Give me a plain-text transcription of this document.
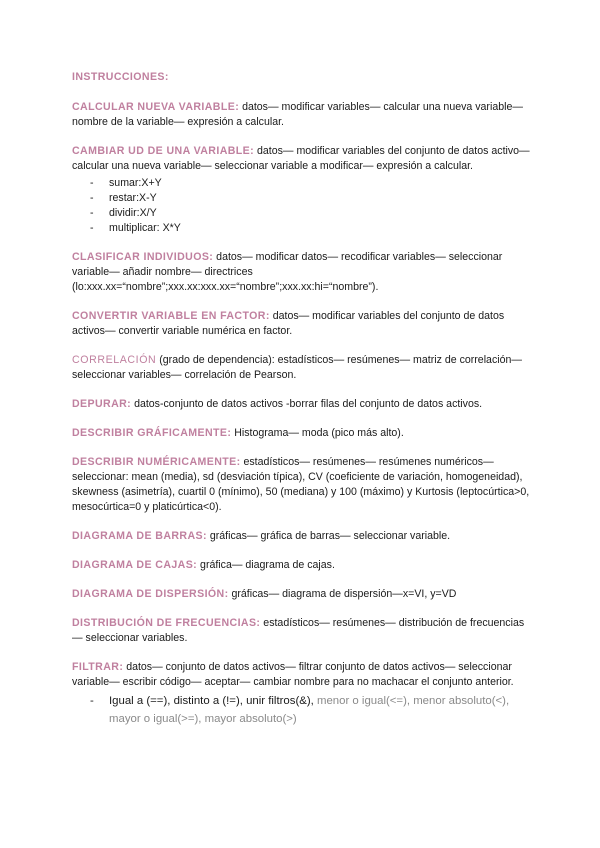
INSTRUCCIONES:

CALCULAR NUEVA VARIABLE: datos— modificar variables— calcular una nueva variable— nombre de la variable— expresión a calcular.

CAMBIAR UD DE UNA VARIABLE: datos— modificar variables del conjunto de datos activo— calcular una nueva variable— seleccionar variable a modificar— expresión a calcular.

- sumar:X+Y
- restar:X-Y
- dividir:X/Y
- multiplicar: X*Y

CLASIFICAR INDIVIDUOS: datos— modificar datos— recodificar variables— seleccionar variable— añadir nombre— directrices (lo:xxx.xx=“nombre”;xxx.xx:xxx.xx=“nombre”;xxx.xx:hi=“nombre”).

CONVERTIR VARIABLE EN FACTOR: datos— modificar variables del conjunto de datos activos— convertir variable numérica en factor.

CORRELACIÓN (grado de dependencia): estadísticos— resúmenes— matriz de correlación— seleccionar variables— correlación de Pearson.

DEPURAR: datos-conjunto de datos activos -borrar filas del conjunto de datos activos.

DESCRIBIR GRÁFICAMENTE: Histograma— moda (pico más alto).

DESCRIBIR NUMÉRICAMENTE: estadísticos— resúmenes— resúmenes numéricos— seleccionar: mean (media), sd (desviación típica), CV (coeficiente de variación, homogeneidad), skewness (asimetría), cuartil 0 (mínimo), 50 (mediana) y 100 (máximo) y Kurtosis (leptocúrtica>0, mesocúrtica=0 y platicúrtica<0).

DIAGRAMA DE BARRAS: gráficas— gráfica de barras— seleccionar variable.

DIAGRAMA DE CAJAS: gráfica— diagrama de cajas.

DIAGRAMA DE DISPERSIÓN: gráficas— diagrama de dispersión—x=VI, y=VD

DISTRIBUCIÓN DE FRECUENCIAS: estadísticos— resúmenes— distribución de frecuencias— seleccionar variables.

FILTRAR: datos— conjunto de datos activos— filtrar conjunto de datos activos— seleccionar variable— escribir código— aceptar— cambiar nombre para no machacar el conjunto anterior.

- Igual a (==), distinto a (!=), unir filtros(&), menor o igual(<=), menor absoluto(<), mayor o igual(>=), mayor absoluto(>)
